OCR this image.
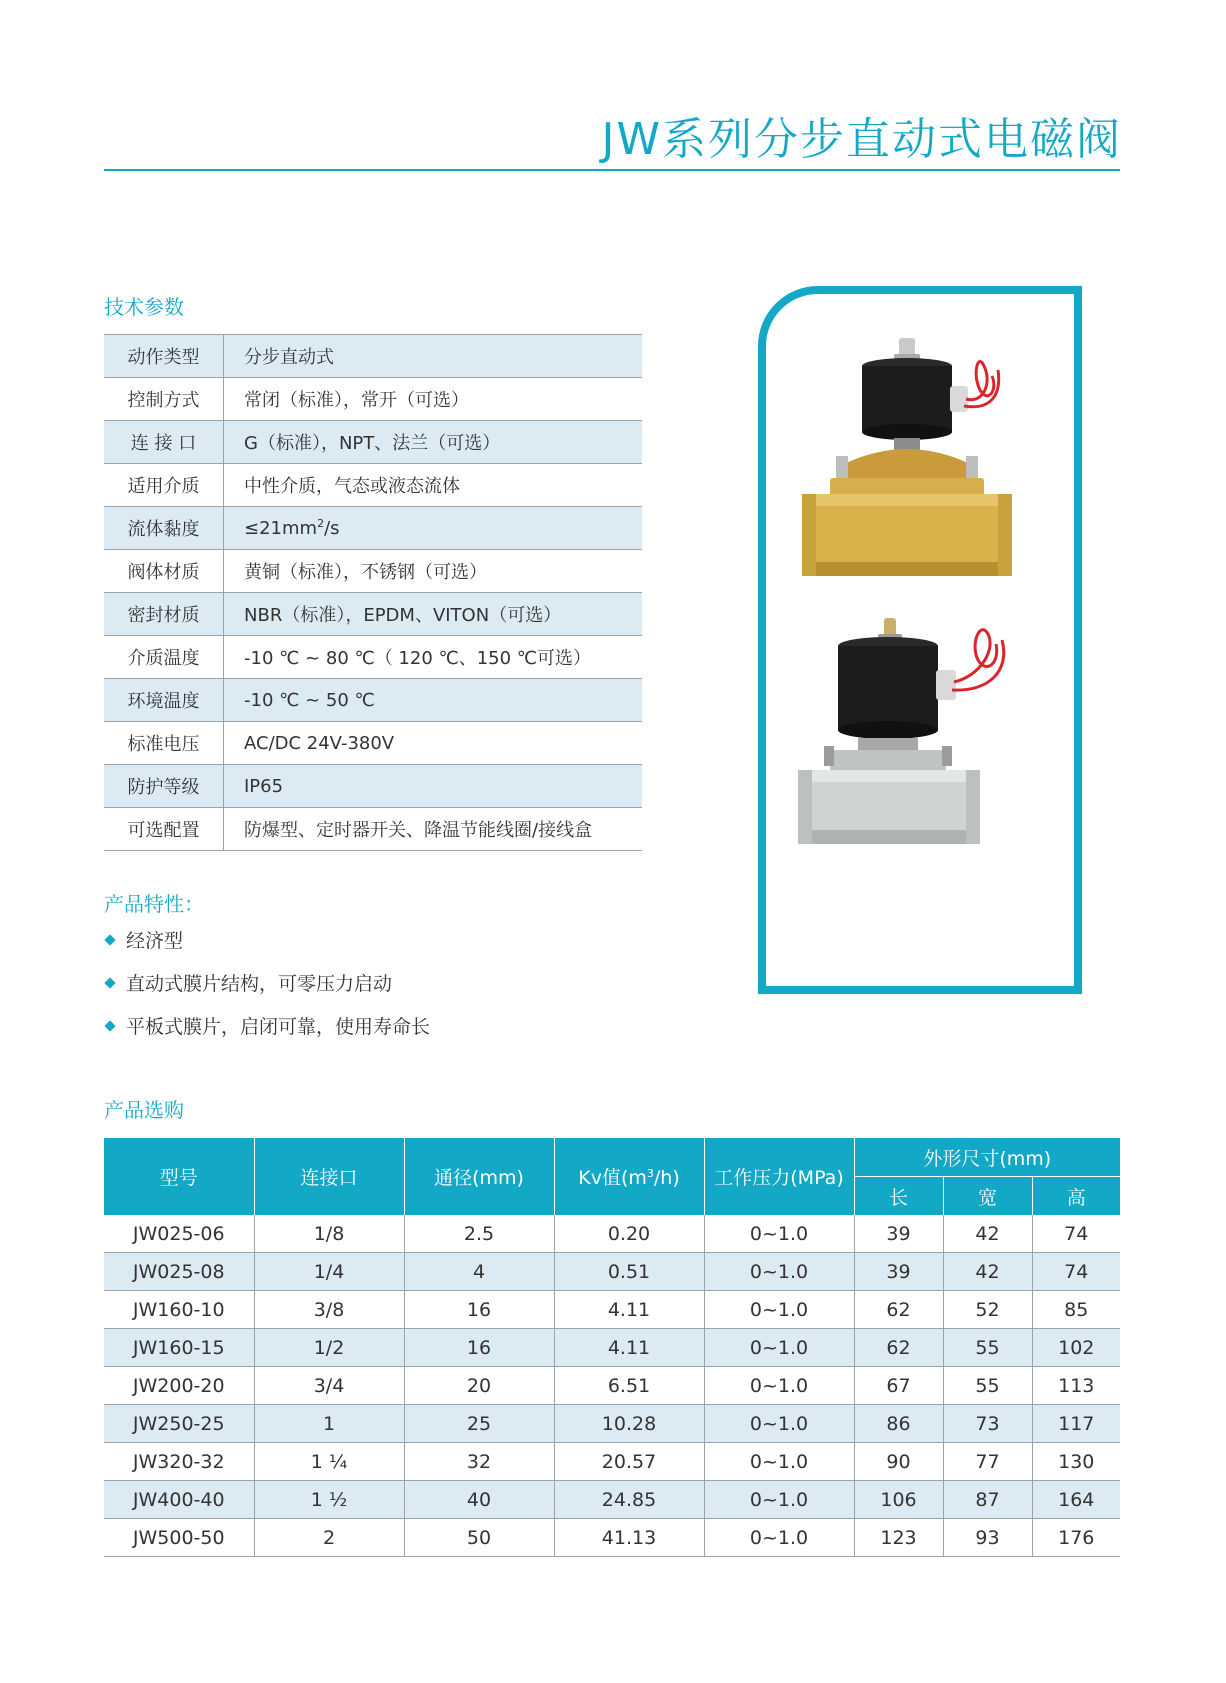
JW系列分步直动式电磁阀
技术参数
动作类型	分步直动式
控制方式	常闭（标准），常开（可选）
连 接 口	G（标准），NPT、法兰（可选）
适用介质	中性介质，气态或液态流体
流体黏度	$\le 21mm^2/s$
阀体材质	黄铜（标准），不锈钢（可选）
密封材质	NBR（标准），EPDM、VITON（可选）
介质温度	-10 ℃ ~ 80 ℃（ 120 ℃、150 ℃可选）
环境温度	-10 ℃ ~ 50 ℃
标准电压	AC/DC 24V-380V
防护等级	IP65
可选配置	防爆型、定时器开关、降温节能线圈/接线盒
产品特性：
经济型
直动式膜片结构，可零压力启动
平板式膜片，启闭可靠，使用寿命长
产品选购
型号	连接口	通径(mm)	Kv值$(m^3/h)$	工作压力(MPa)	外形尺寸(mm)		
					长	宽	高
JW025-06	1/8	2.5	0.20	0~1.0	39	42	74
JW025-08	1/4	4	0.51	0~1.0	39	42	74
JW160-10	3/8	16	4.11	0~1.0	62	52	85
JW160-15	1/2	16	4.11	0~1.0	62	55	102
JW200-20	3/4	20	6.51	0~1.0	67	55	113
JW250-25	1	25	10.28	0~1.0	86	73	117
JW320-32	1 ¼	32	20.57	0~1.0	90	77	130
JW400-40	1 ½	40	24.85	0~1.0	106	87	164
JW500-50	2	50	41.13	0~1.0	123	93	176
